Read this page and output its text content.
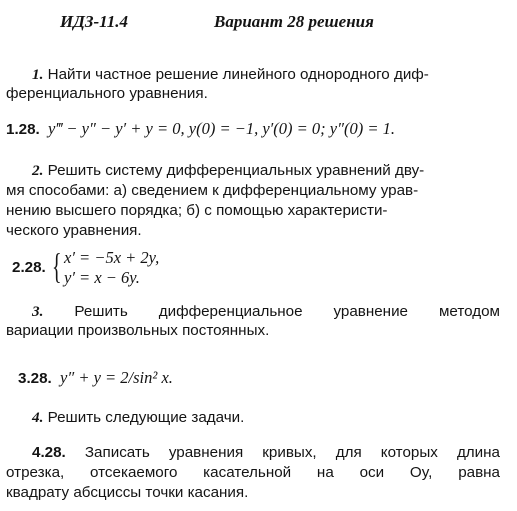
ИДЗ-11.4	Вариант 28 решения
1. Найти частное решение линейного однородного диф-
ференциального уравнения.
1.28. y‴ − y″ − y′ + y = 0, y(0) = −1, y′(0) = 0; y″(0) = 1.
2. Решить систему дифференциальных уравнений дву-
мя способами: а) сведением к дифференциальному урав-
нению высшего порядка; б) с помощью характеристи-
ческого уравнения.
2.28. { x′ = −5x + 2y,
y′ = x − 6y.
3. Решить дифференциальное уравнение методом
вариации произвольных постоянных.
3.28. y″ + y = 2/sin² x.
4. Решить следующие задачи.
4.28. Записать уравнения кривых, для которых длина
отрезка, отсекаемого касательной на оси Oy, равна
квадрату абсциссы точки касания.
